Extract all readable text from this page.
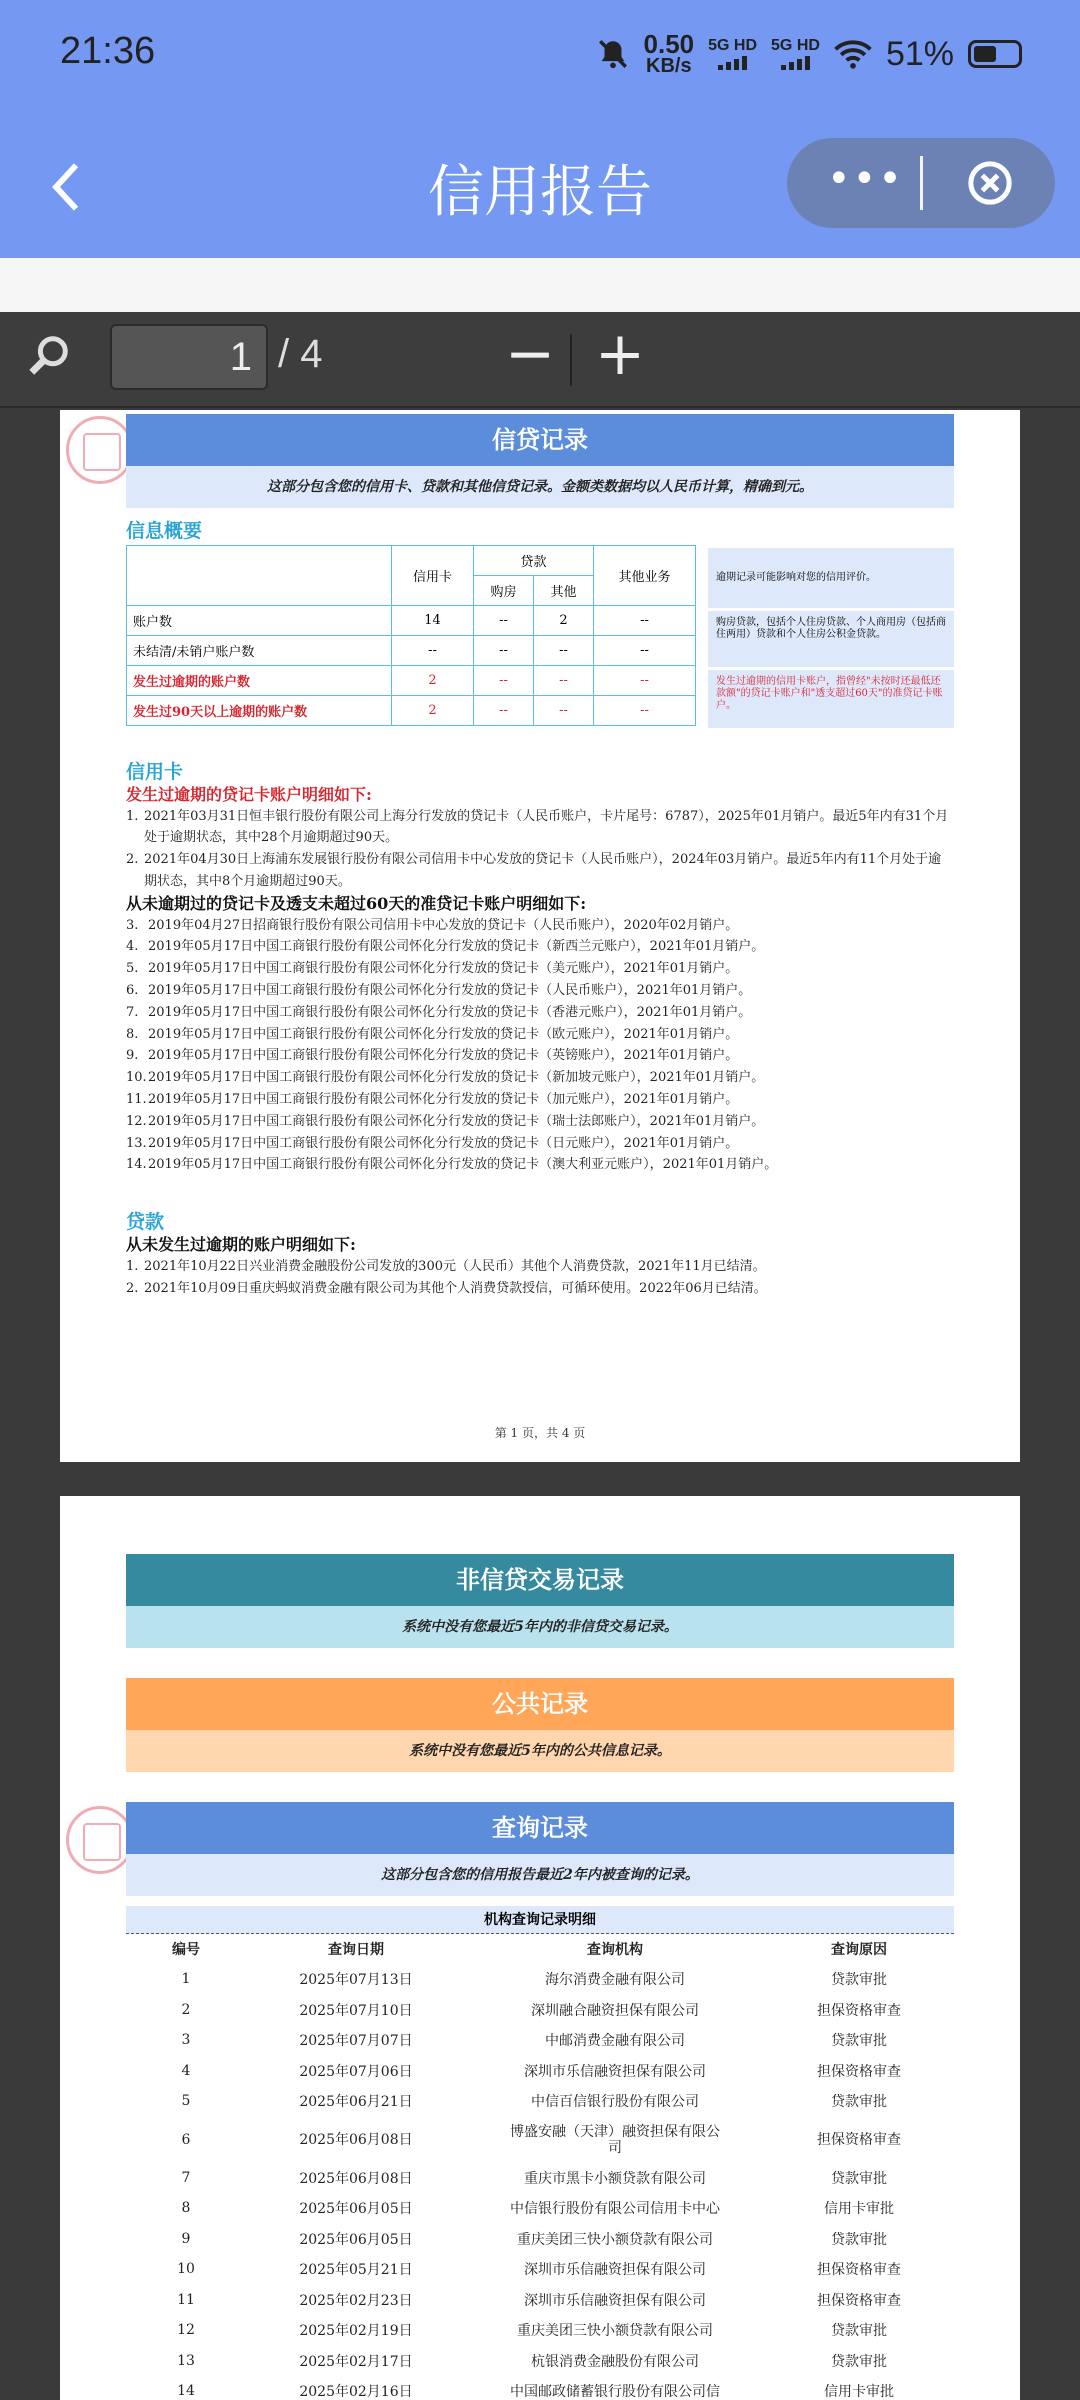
21:36	0.50
KB/s
5G HD 5G HD 51%
信用报告	•••
1 / 4	− +
信贷记录
这部分包含您的信用卡、贷款和其他信贷记录。金额类数据均以人民币计算，精确到元。
信息概要
	信用卡	贷款		其他业务
		购房	其他	
账户数	14	--	2	--
未结清/未销户账户数	--	--	--	--
发生过逾期的账户数	2	--	--	--
发生过90天以上逾期的账户数	2	--	--	--
逾期记录可能影响对您的信用评价。
购房贷款，包括个人住房贷款、个人商用房（包括商住两用）贷款和个人住房公积金贷款。
发生过逾期的信用卡账户，指曾经"未按时还最低还款额"的贷记卡账户和"透支超过60天"的准贷记卡账户。
信用卡
发生过逾期的贷记卡账户明细如下:
1. 2021年03月31日恒丰银行股份有限公司上海分行发放的贷记卡（人民币账户，卡片尾号：6787），2025年01月销户。最近5年内有31个月处于逾期状态，其中28个月逾期超过90天。
2. 2021年04月30日上海浦东发展银行股份有限公司信用卡中心发放的贷记卡（人民币账户），2024年03月销户。最近5年内有11个月处于逾期状态，其中8个月逾期超过90天。
从未逾期过的贷记卡及透支未超过60天的准贷记卡账户明细如下:
3. 2019年04月27日招商银行股份有限公司信用卡中心发放的贷记卡（人民币账户），2020年02月销户。
4. 2019年05月17日中国工商银行股份有限公司怀化分行发放的贷记卡（新西兰元账户），2021年01月销户。
5. 2019年05月17日中国工商银行股份有限公司怀化分行发放的贷记卡（美元账户），2021年01月销户。
6. 2019年05月17日中国工商银行股份有限公司怀化分行发放的贷记卡（人民币账户），2021年01月销户。
7. 2019年05月17日中国工商银行股份有限公司怀化分行发放的贷记卡（香港元账户），2021年01月销户。
8. 2019年05月17日中国工商银行股份有限公司怀化分行发放的贷记卡（欧元账户），2021年01月销户。
9. 2019年05月17日中国工商银行股份有限公司怀化分行发放的贷记卡（英镑账户），2021年01月销户。
10. 2019年05月17日中国工商银行股份有限公司怀化分行发放的贷记卡（新加坡元账户），2021年01月销户。
11. 2019年05月17日中国工商银行股份有限公司怀化分行发放的贷记卡（加元账户），2021年01月销户。
12. 2019年05月17日中国工商银行股份有限公司怀化分行发放的贷记卡（瑞士法郎账户），2021年01月销户。
13. 2019年05月17日中国工商银行股份有限公司怀化分行发放的贷记卡（日元账户），2021年01月销户。
14. 2019年05月17日中国工商银行股份有限公司怀化分行发放的贷记卡（澳大利亚元账户），2021年01月销户。
贷款
从未发生过逾期的账户明细如下:
1. 2021年10月22日兴业消费金融股份公司发放的300元（人民币）其他个人消费贷款，2021年11月已结清。
2. 2021年10月09日重庆蚂蚁消费金融有限公司为其他个人消费贷款授信，可循环使用。2022年06月已结清。
第 1 页，共 4 页
非信贷交易记录
系统中没有您最近5年内的非信贷交易记录。
公共记录
系统中没有您最近5年内的公共信息记录。
查询记录
这部分包含您的信用报告最近2年内被查询的记录。
机构查询记录明细
编号	查询日期	查询机构	查询原因
1	2025年07月13日	海尔消费金融有限公司	贷款审批
2	2025年07月10日	深圳融合融资担保有限公司	担保资格审查
3	2025年07月07日	中邮消费金融有限公司	贷款审批
4	2025年07月06日	深圳市乐信融资担保有限公司	担保资格审查
5	2025年06月21日	中信百信银行股份有限公司	贷款审批
6	2025年06月08日	博盛安融（天津）融资担保有限公司	担保资格审查
7	2025年06月08日	重庆市黑卡小额贷款有限公司	贷款审批
8	2025年06月05日	中信银行股份有限公司信用卡中心	信用卡审批
9	2025年06月05日	重庆美团三快小额贷款有限公司	贷款审批
10	2025年05月21日	深圳市乐信融资担保有限公司	担保资格审查
11	2025年02月23日	深圳市乐信融资担保有限公司	担保资格审查
12	2025年02月19日	重庆美团三快小额贷款有限公司	贷款审批
13	2025年02月17日	杭银消费金融股份有限公司	贷款审批
14	2025年02月16日	中国邮政储蓄银行股份有限公司信	信用卡审批
